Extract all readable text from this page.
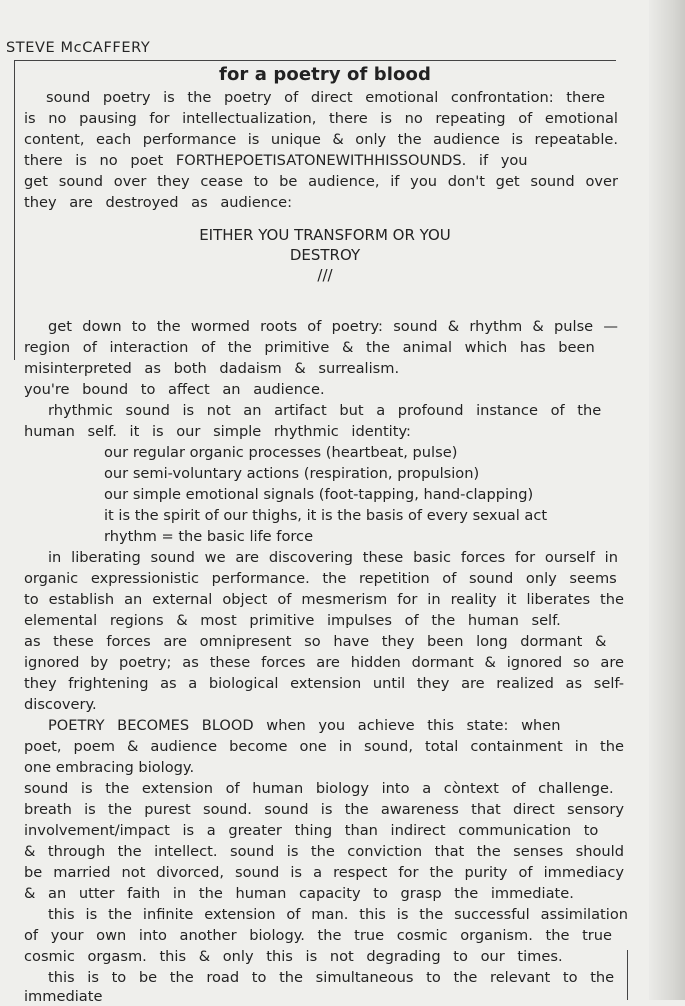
STEVE McCAFFERY
for a poetry of blood
sound poetry is the poetry of direct emotional confrontation: there
is no pausing for intellectualization, there is no repeating of emotional
content, each performance is unique & only the audience is repeatable.
there is no poet FORTHEPOETISATONEWITHHISSOUNDS. if you
get sound over they cease to be audience, if you don't get sound over
they are destroyed as audience:
EITHER YOU TRANSFORM OR YOU
DESTROY
///
get down to the wormed roots of poetry: sound & rhythm & pulse —
region of interaction of the primitive & the animal which has been
misinterpreted as both dadaism & surrealism.
you're bound to affect an audience.
rhythmic sound is not an artifact but a profound instance of the
human self. it is our simple rhythmic identity:
our regular organic processes (heartbeat, pulse)
our semi-voluntary actions (respiration, propulsion)
our simple emotional signals (foot-tapping, hand-clapping)
it is the spirit of our thighs, it is the basis of every sexual act
rhythm = the basic life force
in liberating sound we are discovering these basic forces for ourself in
organic expressionistic performance. the repetition of sound only seems
to establish an external object of mesmerism for in reality it liberates the
elemental regions & most primitive impulses of the human self.
as these forces are omnipresent so have they been long dormant &
ignored by poetry; as these forces are hidden dormant & ignored so are
they frightening as a biological extension until they are realized as self-
discovery.
POETRY BECOMES BLOOD when you achieve this state: when
poet, poem & audience become one in sound, total containment in the
one embracing biology.
sound is the extension of human biology into a còntext of challenge.
breath is the purest sound. sound is the awareness that direct sensory
involvement/impact is a greater thing than indirect communication to
& through the intellect. sound is the conviction that the senses should
be married not divorced, sound is a respect for the purity of immediacy
& an utter faith in the human capacity to grasp the immediate.
this is the infinite extension of man. this is the successful assimilation
of your own into another biology. the true cosmic organism. the true
cosmic orgasm. this & only this is not degrading to our times.
this is to be the road to the simultaneous to the relevant to the
immediate
